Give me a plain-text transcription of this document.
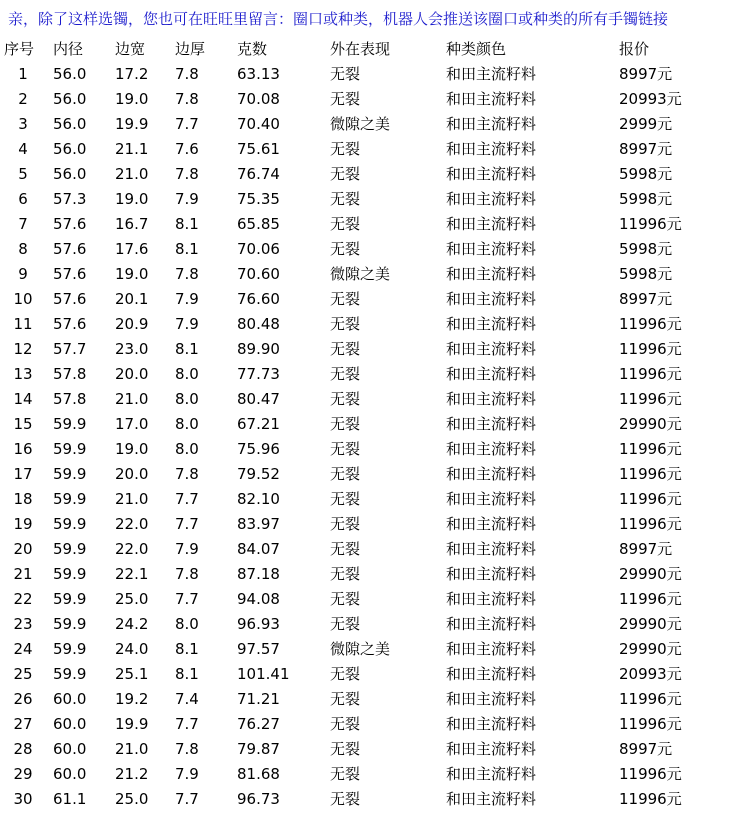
亲，除了这样选镯，您也可在旺旺里留言：圈口或种类，机器人会推送该圈口或种类的所有手镯链接
序号 内径 边宽 边厚 克数	外在表现	种类颜色	报价
1	56.0 17.2 7.8	63.13	无裂	和田主流籽料	8997元
2	56.0 19.0 7.8	70.08	无裂	和田主流籽料	20993元
3	56.0 19.9 7.7	70.40	微隙之美	和田主流籽料	2999元
4	56.0 21.1 7.6	75.61	无裂	和田主流籽料	8997元
5	56.0 21.0 7.8	76.74	无裂	和田主流籽料	5998元
6	57.3 19.0 7.9	75.35	无裂	和田主流籽料	5998元
7	57.6 16.7 8.1	65.85	无裂	和田主流籽料	11996元
8	57.6 17.6 8.1	70.06	无裂	和田主流籽料	5998元
9	57.6 19.0 7.8	70.60	微隙之美	和田主流籽料	5998元
10	57.6 20.1 7.9	76.60	无裂	和田主流籽料	8997元
11	57.6 20.9 7.9	80.48	无裂	和田主流籽料	11996元
12	57.7 23.0 8.1	89.90	无裂	和田主流籽料	11996元
13	57.8 20.0 8.0	77.73	无裂	和田主流籽料	11996元
14	57.8 21.0 8.0	80.47	无裂	和田主流籽料	11996元
15	59.9 17.0 8.0	67.21	无裂	和田主流籽料	29990元
16	59.9 19.0 8.0	75.96	无裂	和田主流籽料	11996元
17	59.9 20.0 7.8	79.52	无裂	和田主流籽料	11996元
18	59.9 21.0 7.7	82.10	无裂	和田主流籽料	11996元
19	59.9 22.0 7.7	83.97	无裂	和田主流籽料	11996元
20	59.9 22.0 7.9	84.07	无裂	和田主流籽料	8997元
21	59.9 22.1 7.8	87.18	无裂	和田主流籽料	29990元
22	59.9 25.0 7.7	94.08	无裂	和田主流籽料	11996元
23	59.9 24.2 8.0	96.93	无裂	和田主流籽料	29990元
24	59.9 24.0 8.1	97.57	微隙之美	和田主流籽料	29990元
25	59.9 25.1 8.1	101.41	无裂	和田主流籽料	20993元
26	60.0 19.2 7.4	71.21	无裂	和田主流籽料	11996元
27	60.0 19.9 7.7	76.27	无裂	和田主流籽料	11996元
28	60.0 21.0 7.8	79.87	无裂	和田主流籽料	8997元
29	60.0 21.2 7.9	81.68	无裂	和田主流籽料	11996元
30	61.1 25.0 7.7	96.73	无裂	和田主流籽料	11996元
